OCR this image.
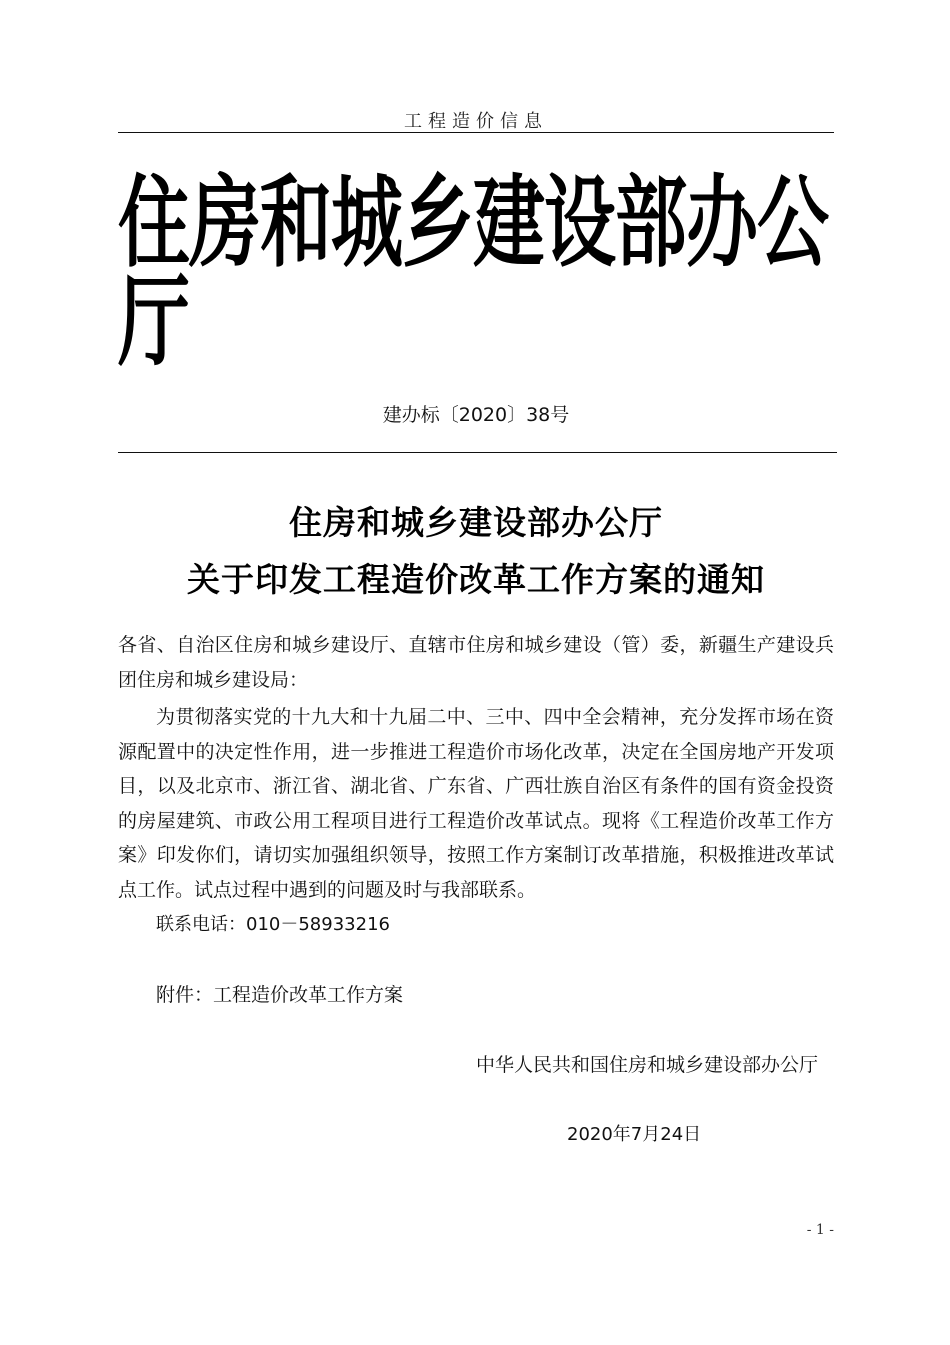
工程造价信息
住房和城乡建设部办公厅
建办标〔2020〕38号
住房和城乡建设部办公厅
关于印发工程造价改革工作方案的通知
各省、自治区住房和城乡建设厅、直辖市住房和城乡建设（管）委，新疆生产建设兵团住房和城乡建设局：
为贯彻落实党的十九大和十九届二中、三中、四中全会精神，充分发挥市场在资源配置中的决定性作用，进一步推进工程造价市场化改革，决定在全国房地产开发项目，以及北京市、浙江省、湖北省、广东省、广西壮族自治区有条件的国有资金投资的房屋建筑、市政公用工程项目进行工程造价改革试点。现将《工程造价改革工作方案》印发你们，请切实加强组织领导，按照工作方案制订改革措施，积极推进改革试点工作。试点过程中遇到的问题及时与我部联系。
联系电话：010－58933216
附件：工程造价改革工作方案
中华人民共和国住房和城乡建设部办公厅
2020年7月24日
- 1 -
